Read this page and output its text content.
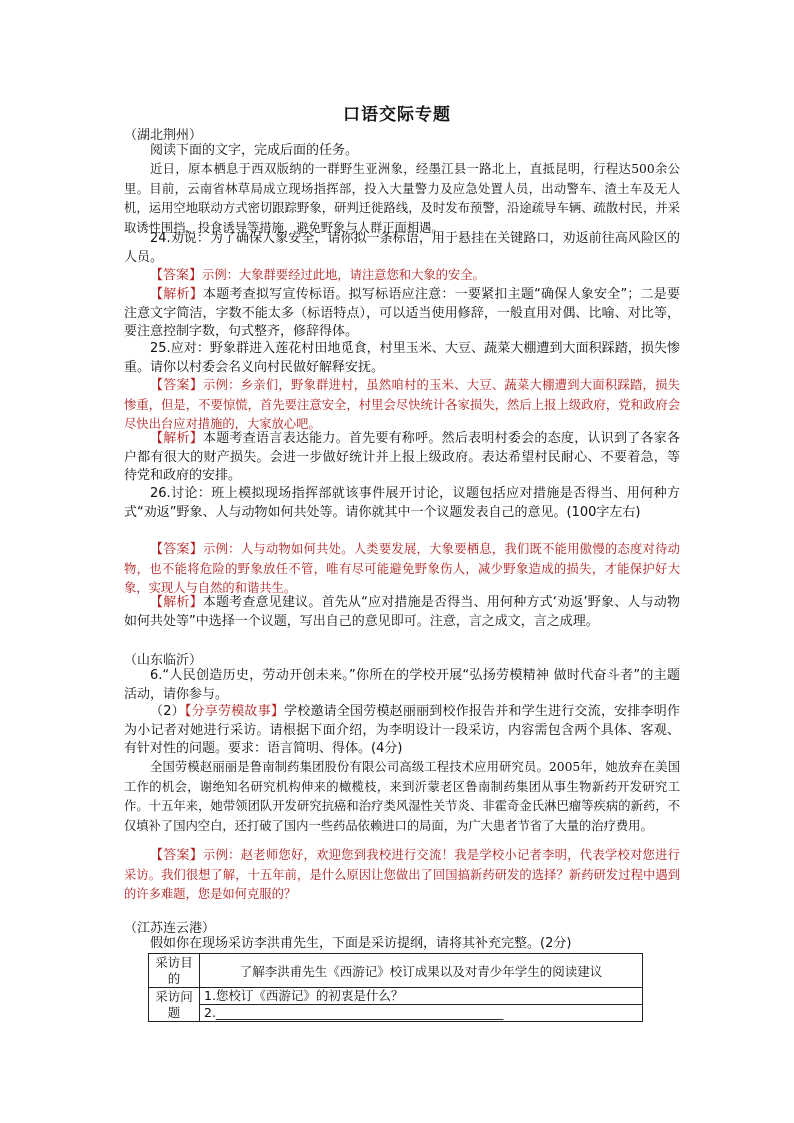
口语交际专题
（湖北荆州）

阅读下面的文字，完成后面的任务。

近日，原本栖息于西双版纳的一群野生亚洲象，经墨江县一路北上，直抵昆明，行程达500余公里。目前，云南省林草局成立现场指挥部，投入大量警力及应急处置人员，出动警车、渣土车及无人机，运用空地联动方式密切跟踪野象，研判迁徙路线，及时发布预警，沿途疏导车辆、疏散村民，并采取诱性围挡、投食诱导等措施，避免野象与人群正面相遇。

24.劝说：为了确保人象安全，请你拟一条标语，用于悬挂在关键路口，劝返前往高风险区的人员。

【答案】示例：大象群要经过此地，请注意您和大象的安全。

【解析】本题考查拟写宣传标语。拟写标语应注意：一要紧扣主题“确保人象安全”；二是要注意文字简洁，字数不能太多（标语特点），可以适当使用修辞，一般直用对偶、比喻、对比等，要注意控制字数，句式整齐，修辞得体。

25.应对：野象群进入莲花村田地觅食，村里玉米、大豆、蔬菜大棚遭到大面积踩踏，损失惨重。请你以村委会名义向村民做好解释安抚。

【答案】示例：乡亲们，野象群进村，虽然咱村的玉米、大豆、蔬菜大棚遭到大面积踩踏，损失惨重，但是，不要惊慌，首先要注意安全，村里会尽快统计各家损失，然后上报上级政府，党和政府会尽快出台应对措施的，大家放心吧。

【解析】本题考查语言表达能力。首先要有称呼。然后表明村委会的态度，认识到了各家各户都有很大的财产损失。会进一步做好统计并上报上级政府。表达希望村民耐心、不要着急，等待党和政府的安排。

26.讨论：班上模拟现场指挥部就该事件展开讨论，议题包括应对措施是否得当、用何种方式“劝返”野象、人与动物如何共处等。请你就其中一个议题发表自己的意见。(100字左右)

【答案】示例：人与动物如何共处。人类要发展，大象要栖息，我们既不能用傲慢的态度对待动物，也不能将危险的野象放任不管，唯有尽可能避免野象伤人，减少野象造成的损失，才能保护好大象，实现人与自然的和谐共生。

【解析】本题考查意见建议。首先从“应对措施是否得当、用何种方式‘劝返’野象、人与动物如何共处等”中选择一个议题，写出自己的意见即可。注意，言之成文，言之成理。

（山东临沂）

6.“人民创造历史，劳动开创未来。”你所在的学校开展“弘扬劳模精神 做时代奋斗者”的主题活动，请你参与。

（2）【分享劳模故事】学校邀请全国劳模赵丽丽到校作报告并和学生进行交流，安排李明作为小记者对她进行采访。请根据下面介绍，为李明设计一段采访，内容需包含两个具体、客观、有针对性的问题。要求：语言简明、得体。(4分)

全国劳模赵丽丽是鲁南制药集团股份有限公司高级工程技术应用研究员。2005年，她放弃在美国工作的机会，谢绝知名研究机构伸来的橄榄枝，来到沂蒙老区鲁南制药集团从事生物新药开发研究工作。十五年来，她带领团队开发研究抗癌和治疗类风湿性关节炎、非霍奇金氏淋巴瘤等疾病的新药，不仅填补了国内空白，还打破了国内一些药品依赖进口的局面，为广大患者节省了大量的治疗费用。

【答案】示例：赵老师您好，欢迎您到我校进行交流！我是学校小记者李明，代表学校对您进行采访。我们很想了解，十五年前，是什么原因让您做出了回国搞新药研发的选择？新药研发过程中遇到的许多难题，您是如何克服的？

（江苏连云港）

假如你在现场采访李洪甫先生，下面是采访提纲，请将其补充完整。(2分)

采访目的	了解李洪甫先生《西游记》校订成果以及对青少年学生的阅读建议
采访问题	1.您校订《西游记》的初衷是什么？
	2.______________________________________________
